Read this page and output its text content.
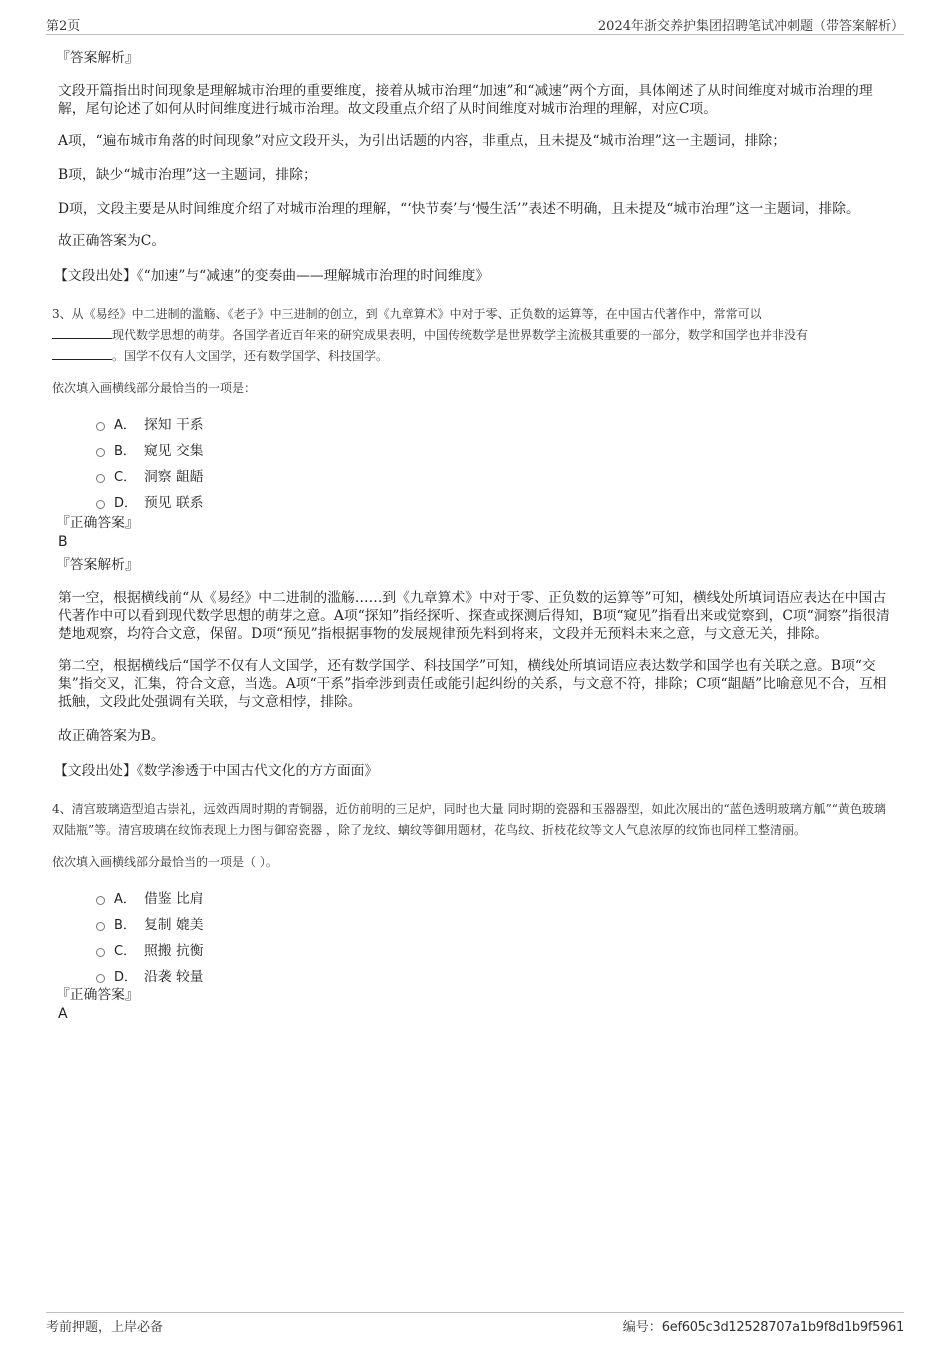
第2页	2024年浙交养护集团招聘笔试冲刺题（带答案解析）

『答案解析』

文段开篇指出时间现象是理解城市治理的重要维度，接着从城市治理“加速”和“减速”两个方面，具体阐述了从时间维度对城市治理的理解，尾句论述了如何从时间维度进行城市治理。故文段重点介绍了从时间维度对城市治理的理解，对应C项。

A项，“遍布城市角落的时间现象”对应文段开头，为引出话题的内容，非重点，且未提及“城市治理”这一主题词，排除；

B项，缺少“城市治理”这一主题词，排除；

D项，文段主要是从时间维度介绍了对城市治理的理解，“‘快节奏’与‘慢生活’”表述不明确，且未提及“城市治理”这一主题词，排除。

故正确答案为C。

【文段出处】《“加速”与“减速”的变奏曲——理解城市治理的时间维度》

3、从《易经》中二进制的滥觞、《老子》中三进制的创立，到《九章算术》中对于零、正负数的运算等，在中国古代著作中，常常可以
现代数学思想的萌芽。各国学者近百年来的研究成果表明，中国传统数学是世界数学主流极其重要的一部分，数学和国学也并非没有
。国学不仅有人文国学，还有数学国学、科技国学。

依次填入画横线部分最恰当的一项是：

A． 探知 干系
B． 窥见 交集
C． 洞察 龃龉
D． 预见 联系

『正确答案』

B

『答案解析』

第一空，根据横线前“从《易经》中二进制的滥觞……到《九章算术》中对于零、正负数的运算等”可知，横线处所填词语应表达在中国古代著作中可以看到现代数学思想的萌芽之意。A项“探知”指经探听、探查或探测后得知，B项“窥见”指看出来或觉察到，C项“洞察”指很清楚地观察，均符合文意，保留。D项“预见”指根据事物的发展规律预先料到将来，文段并无预料未来之意，与文意无关，排除。

第二空，根据横线后“国学不仅有人文国学，还有数学国学、科技国学”可知，横线处所填词语应表达数学和国学也有关联之意。B项“交集”指交叉，汇集，符合文意，当选。A项“干系”指牵涉到责任或能引起纠纷的关系，与文意不符，排除；C项“龃龉”比喻意见不合，互相抵触，文段此处强调有关联，与文意相悖，排除。

故正确答案为B。

【文段出处】《数学渗透于中国古代文化的方方面面》

4、清宫玻璃造型追古崇礼，远效西周时期的青铜器，近仿前明的三足炉，同时也大量 同时期的瓷器和玉器器型，如此次展出的“蓝色透明玻璃方觚”“黄色玻璃双陆瓶”等。清宫玻璃在纹饰表现上力图与御窑瓷器 ，除了龙纹、螭纹等御用题材，花鸟纹、折枝花纹等文人气息浓厚的纹饰也同样工整清丽。

依次填入画横线部分最恰当的一项是（ ）。

A． 借鉴 比肩
B． 复制 媲美
C． 照搬 抗衡
D． 沿袭 较量

『正确答案』

A

考前押题，上岸必备	编号：6ef605c3d12528707a1b9f8d1b9f5961
